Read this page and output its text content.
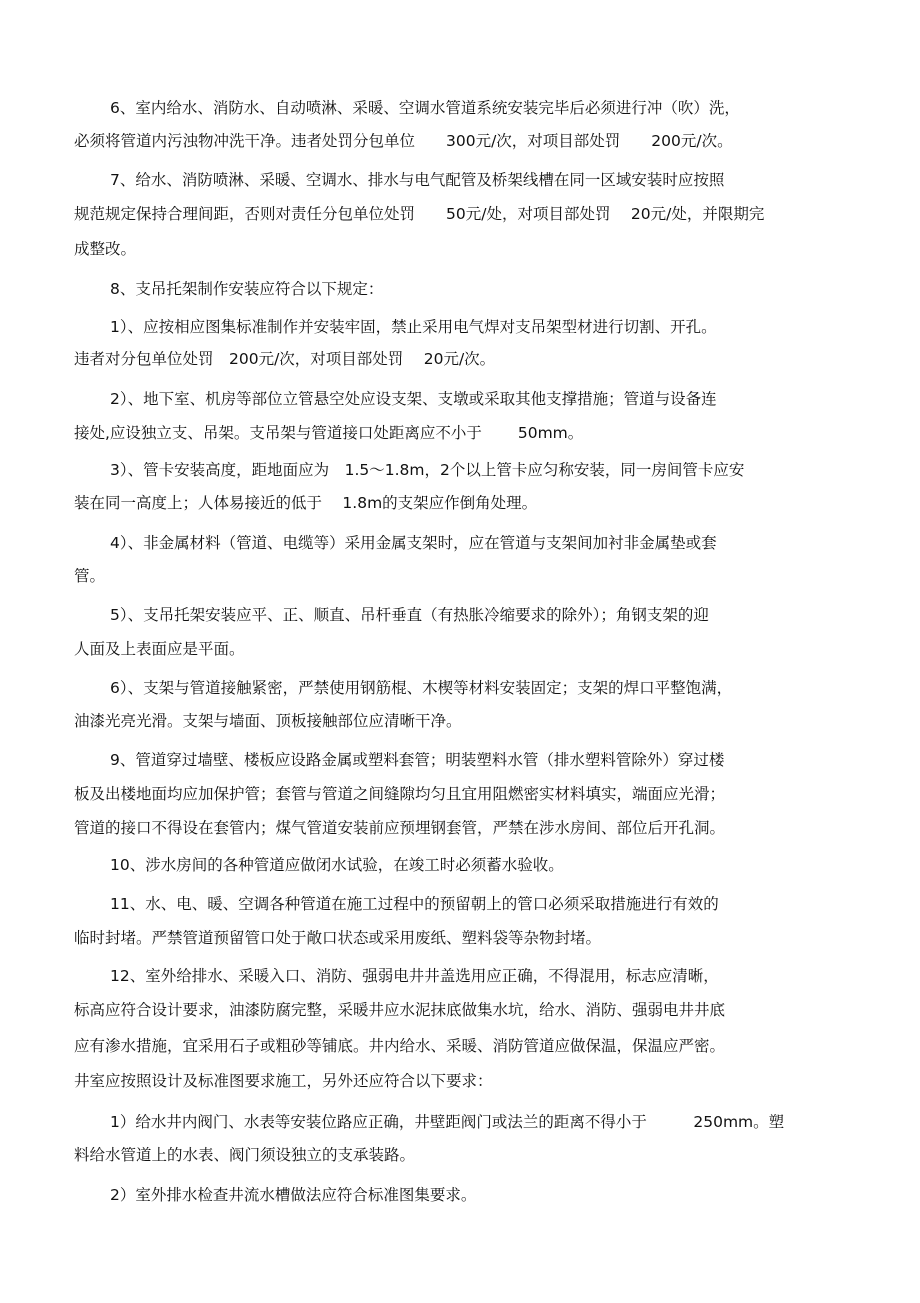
6、室内给水、消防水、自动喷淋、采暖、空调水管道系统安装完毕后必须进行冲（吹）洗，
必须将管道内污浊物冲洗干净。违者处罚分包单位　　300元/次，对项目部处罚　　200元/次。
7、给水、消防喷淋、采暖、空调水、排水与电气配管及桥架线槽在同一区域安装时应按照
规范规定保持合理间距，否则对责任分包单位处罚　　50元/处，对项目部处罚　 20元/处，并限期完
成整改。
8、支吊托架制作安装应符合以下规定：
1）、应按相应图集标准制作并安装牢固，禁止采用电气焊对支吊架型材进行切割、开孔。
违者对分包单位处罚　200元/次，对项目部处罚　 20元/次。
2）、地下室、机房等部位立管悬空处应设支架、支墩或采取其他支撑措施；管道与设备连
接处,应设独立支、吊架。支吊架与管道接口处距离应不小于　　 50mm。
3）、管卡安装高度，距地面应为　1.5～1.8m，2个以上管卡应匀称安装，同一房间管卡应安
装在同一高度上；人体易接近的低于　 1.8m的支架应作倒角处理。
4）、非金属材料（管道、电缆等）采用金属支架时，应在管道与支架间加衬非金属垫或套
管。
5）、支吊托架安装应平、正、顺直、吊杆垂直（有热胀冷缩要求的除外）；角钢支架的迎
人面及上表面应是平面。
6）、支架与管道接触紧密，严禁使用钢筋棍、木楔等材料安装固定；支架的焊口平整饱满，
油漆光亮光滑。支架与墙面、顶板接触部位应清晰干净。
9、管道穿过墙壁、楼板应设路金属或塑料套管；明装塑料水管（排水塑料管除外）穿过楼
板及出楼地面均应加保护管；套管与管道之间缝隙均匀且宜用阻燃密实材料填实，端面应光滑；
管道的接口不得设在套管内；煤气管道安装前应预埋钢套管，严禁在涉水房间、部位后开孔洞。
10、涉水房间的各种管道应做闭水试验，在竣工时必须蓄水验收。
11、水、电、暖、空调各种管道在施工过程中的预留朝上的管口必须采取措施进行有效的
临时封堵。严禁管道预留管口处于敞口状态或采用废纸、塑料袋等杂物封堵。
12、室外给排水、采暖入口、消防、强弱电井井盖选用应正确，不得混用，标志应清晰，
标高应符合设计要求，油漆防腐完整，采暖井应水泥抹底做集水坑，给水、消防、强弱电井井底
应有渗水措施，宜采用石子或粗砂等铺底。井内给水、采暖、消防管道应做保温，保温应严密。
井室应按照设计及标准图要求施工，另外还应符合以下要求：
1）给水井内阀门、水表等安装位路应正确，井壁距阀门或法兰的距离不得小于　　　250mm。塑
料给水管道上的水表、阀门须设独立的支承装路。
2）室外排水检查井流水槽做法应符合标准图集要求。
